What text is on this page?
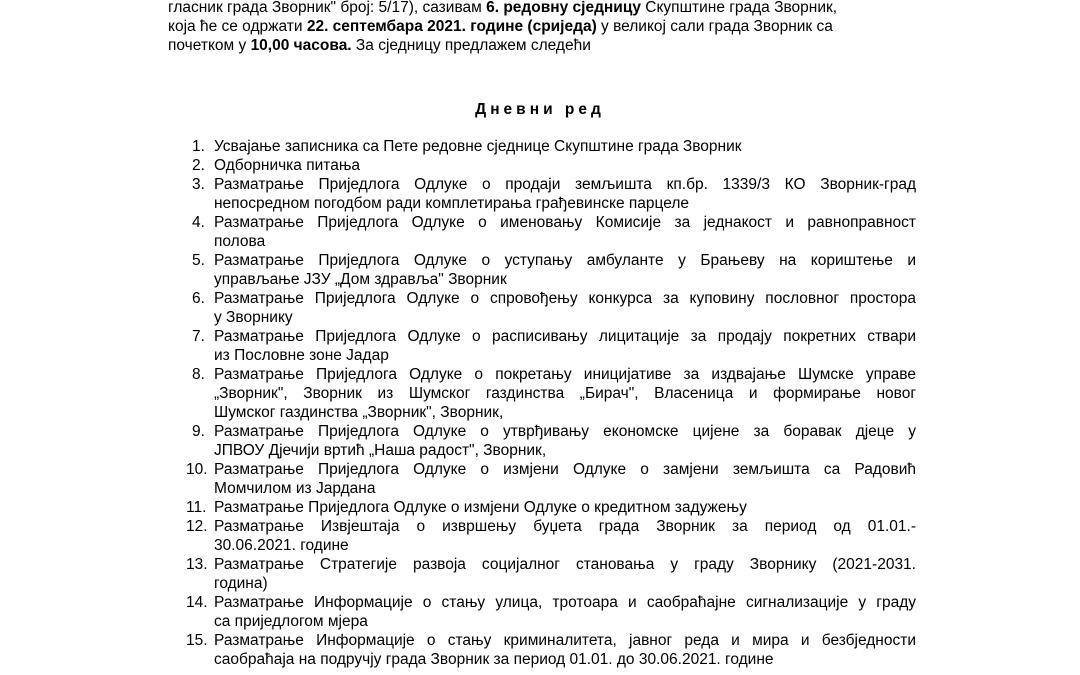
гласник града Зворник" број: 5/17), сазивам 6. редовну сједницу Скупштине града Зворник,
која ће се одржати 22. септембара 2021. године (сриједа) у великој сали града Зворник са
почетком у 10,00 часова. За сједницу предлажем следећи
Дневни ред
1. Усвајање записника са Пете редовне сједнице Скупштине града Зворник
2. Одборничка питања
3. Разматрање Приједлога Одлуке о продаји земљишта кп.бр. 1339/3 КО Зворник-град
непосредном погодбом ради комплетирања грађевинске парцеле
4. Разматрање Приједлога Одлуке о именовању Комисије за једнакост и равноправност
полова
5. Разматрање Приједлога Одлуке о уступању амбуланте у Брањеву на кориштење и
управљање ЈЗУ „Дом здравља" Зворник
6. Разматрање Приједлога Одлуке о спровођењу конкурса за куповину пословног простора
у Зворнику
7. Разматрање Приједлога Одлуке о расписивању лицитације за продају покретних ствари
из Пословне зоне Јадар
8. Разматрање Приједлога Одлуке о покретању иницијативе за издвајање Шумске управе
„Зворник", Зворник из Шумског газдинства „Бирач", Власеница и формирање новог
Шумског газдинства „Зворник", Зворник,
9. Разматрање Приједлога Одлуке о утврђивању економске цијене за боравак дјеце у
ЈПВОУ Дјечији вртић „Наша радост", Зворник,
10. Разматрање Приједлога Одлуке о измјени Одлуке о замјени земљишта са Радовић
Момчилом из Јардана
11. Разматрање Приједлога Одлуке о измјени Одлуке о кредитном задужењу
12. Разматрање Извјештаја о извршењу буџета града Зворник за период од 01.01.-
30.06.2021. године
13. Разматрање Стратегије развоја социјалног становања у граду Зворнику (2021-2031.
година)
14. Разматрање Информације о стању улица, тротоара и саобраћајне сигнализације у граду
са приједлогом мјера
15. Разматрање Информације о стању криминалитета, јавног реда и мира и безбједности
саобраћаја на подручју града Зворник за период 01.01. до 30.06.2021. године
